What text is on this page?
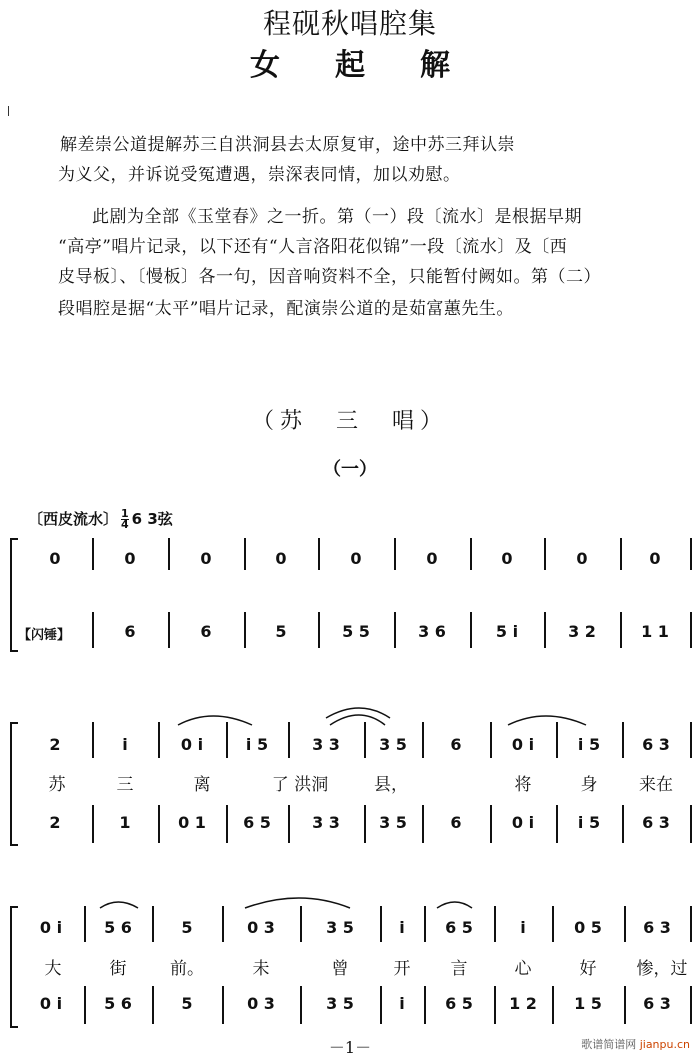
程砚秋唱腔集
女起解
解差崇公道提解苏三自洪洞县去太原复审，途中苏三拜认崇
为义父，并诉说受冤遭遇，崇深表同情，加以劝慰。
此剧为全部《玉堂春》之一折。第（一）段〔流水〕是根据早期
“高亭”唱片记录，以下还有“人言洛阳花似锦”一段〔流水〕及〔西
皮导板〕、〔慢板〕各一句，因音响资料不全，只能暂付阙如。第（二）
段唱腔是据“太平”唱片记录，配演崇公道的是茹富蕙先生。
（苏　三　唱）
（一）
〔西皮流水〕 $\frac{1}{4} 6$ 3弦
0	0	0	0	0	0	0	0	0
【闪锤】	6	6	5	5 5	3 6	5 i	3 2	1 1
2	i	0 i	i 5	3 3	3 5	6	0 i	i 5	6 3
苏	三	离	了 洪洞	县，	将	身	来在
2	1	0 1	6 5	3 3	3 5	6	0 i	i 5	6 3
0 i	5 6	5	0 3	3 5	i	6 5	i	0 5	6 3
大	街	前。	未	曾	开	言	心	好	惨，过
0 i	5 6	5	0 3	3 5	i	6 5	1 2	1 5	6 3
－1－	歌谱简谱网 jianpu.cn
